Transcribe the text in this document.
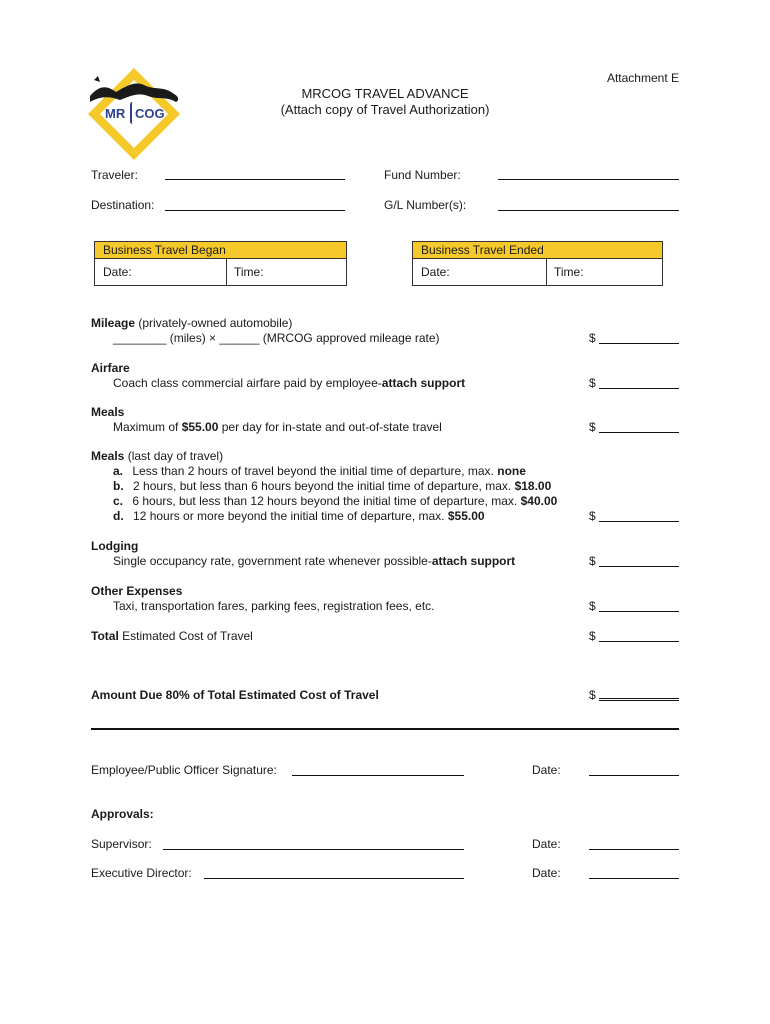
MR COG
Attachment E
MRCOG TRAVEL ADVANCE
(Attach copy of Travel Authorization)
Traveler:	Fund Number:
Destination:	G/L Number(s):
Business Travel Began
Date:	Time:
Business Travel Ended
Date:	Time:
Mileage (privately-owned automobile)
________ (miles) × ______ (MRCOG approved mileage rate)	$
Airfare
Coach class commercial airfare paid by employee-attach support	$
Meals
Maximum of $55.00 per day for in-state and out-of-state travel	$
Meals (last day of travel)
a. Less than 2 hours of travel beyond the initial time of departure, max. none
b. 2 hours, but less than 6 hours beyond the initial time of departure, max. $18.00
c. 6 hours, but less than 12 hours beyond the initial time of departure, max. $40.00
d. 12 hours or more beyond the initial time of departure, max. $55.00	$
Lodging
Single occupancy rate, government rate whenever possible-attach support	$
Other Expenses
Taxi, transportation fares, parking fees, registration fees, etc.	$
Total Estimated Cost of Travel	$
Amount Due 80% of Total Estimated Cost of Travel	$
Employee/Public Officer Signature:	Date:
Approvals:
Supervisor:	Date:
Executive Director:	Date:
